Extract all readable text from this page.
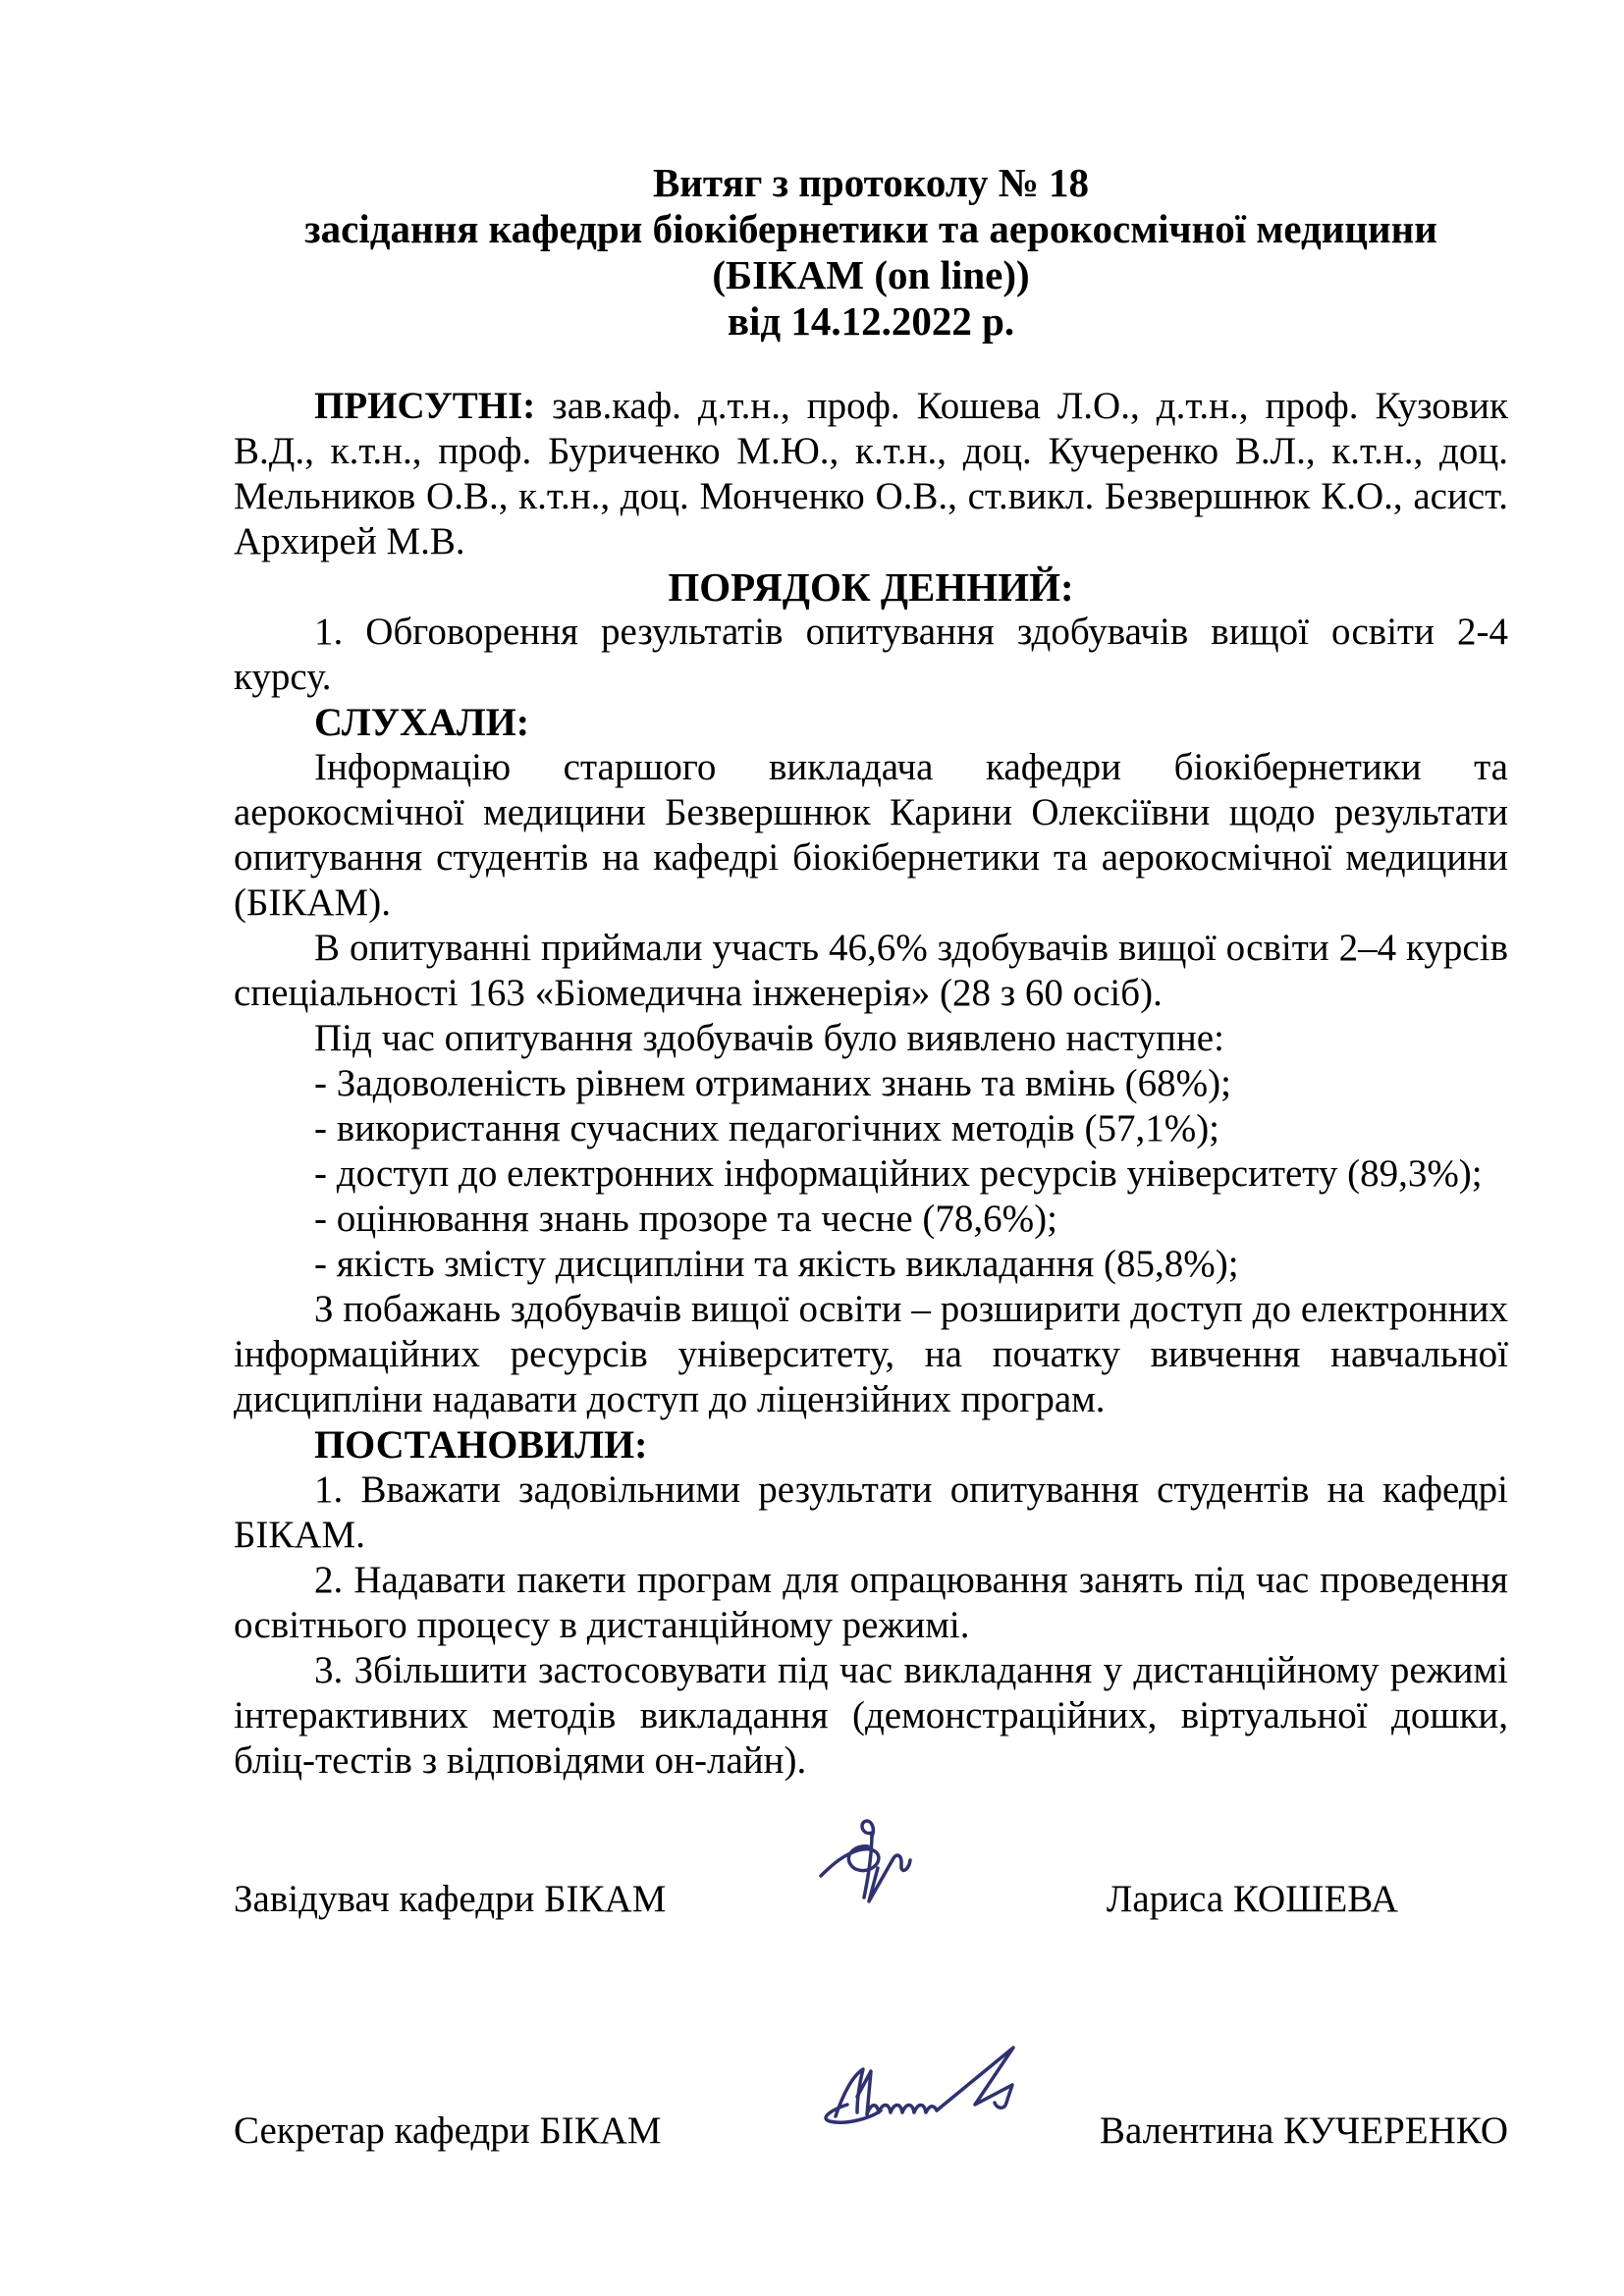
Витяг з протоколу № 18
засідання кафедри біокібернетики та аерокосмічної медицини
(БІКАМ (on line))
від 14.12.2022 р.

ПРИСУТНІ: зав.каф. д.т.н., проф. Кошева Л.О., д.т.н., проф. Кузовик В.Д., к.т.н., проф. Буриченко М.Ю., к.т.н., доц. Кучеренко В.Л., к.т.н., доц. Мельников О.В., к.т.н., доц. Монченко О.В., ст.викл. Безвершнюк К.О., асист. Архирей М.В.

ПОРЯДОК ДЕННИЙ:

1. Обговорення результатів опитування здобувачів вищої освіти 2-4 курсу.

СЛУХАЛИ:

Інформацію старшого викладача кафедри біокібернетики та аерокосмічної медицини Безвершнюк Карини Олексіївни щодо результати опитування студентів на кафедрі біокібернетики та аерокосмічної медицини (БІКАМ).

В опитуванні приймали участь 46,6% здобувачів вищої освіти 2–4 курсів спеціальності 163 «Біомедична інженерія» (28 з 60 осіб).

Під час опитування здобувачів було виявлено наступне:

- Задоволеність рівнем отриманих знань та вмінь (68%);

- використання сучасних педагогічних методів (57,1%);

- доступ до електронних інформаційних ресурсів університету (89,3%);

- оцінювання знань прозоре та чесне (78,6%);

- якість змісту дисципліни та якість викладання (85,8%);

З побажань здобувачів вищої освіти – розширити доступ до електронних інформаційних ресурсів університету, на початку вивчення навчальної дисципліни надавати доступ до ліцензійних програм.

ПОСТАНОВИЛИ:

1. Вважати задовільними результати опитування студентів на кафедрі БІКАМ.

2. Надавати пакети програм для опрацювання занять під час проведення освітнього процесу в дистанційному режимі.

3. Збільшити застосовувати під час викладання у дистанційному режимі інтерактивних методів викладання (демонстраційних, віртуальної дошки, бліц-тестів з відповідями он-лайн).

Завідувач кафедри БІКАМ	Лариса КОШЕВА
Секретар кафедри БІКАМ	Валентина КУЧЕРЕНКО
